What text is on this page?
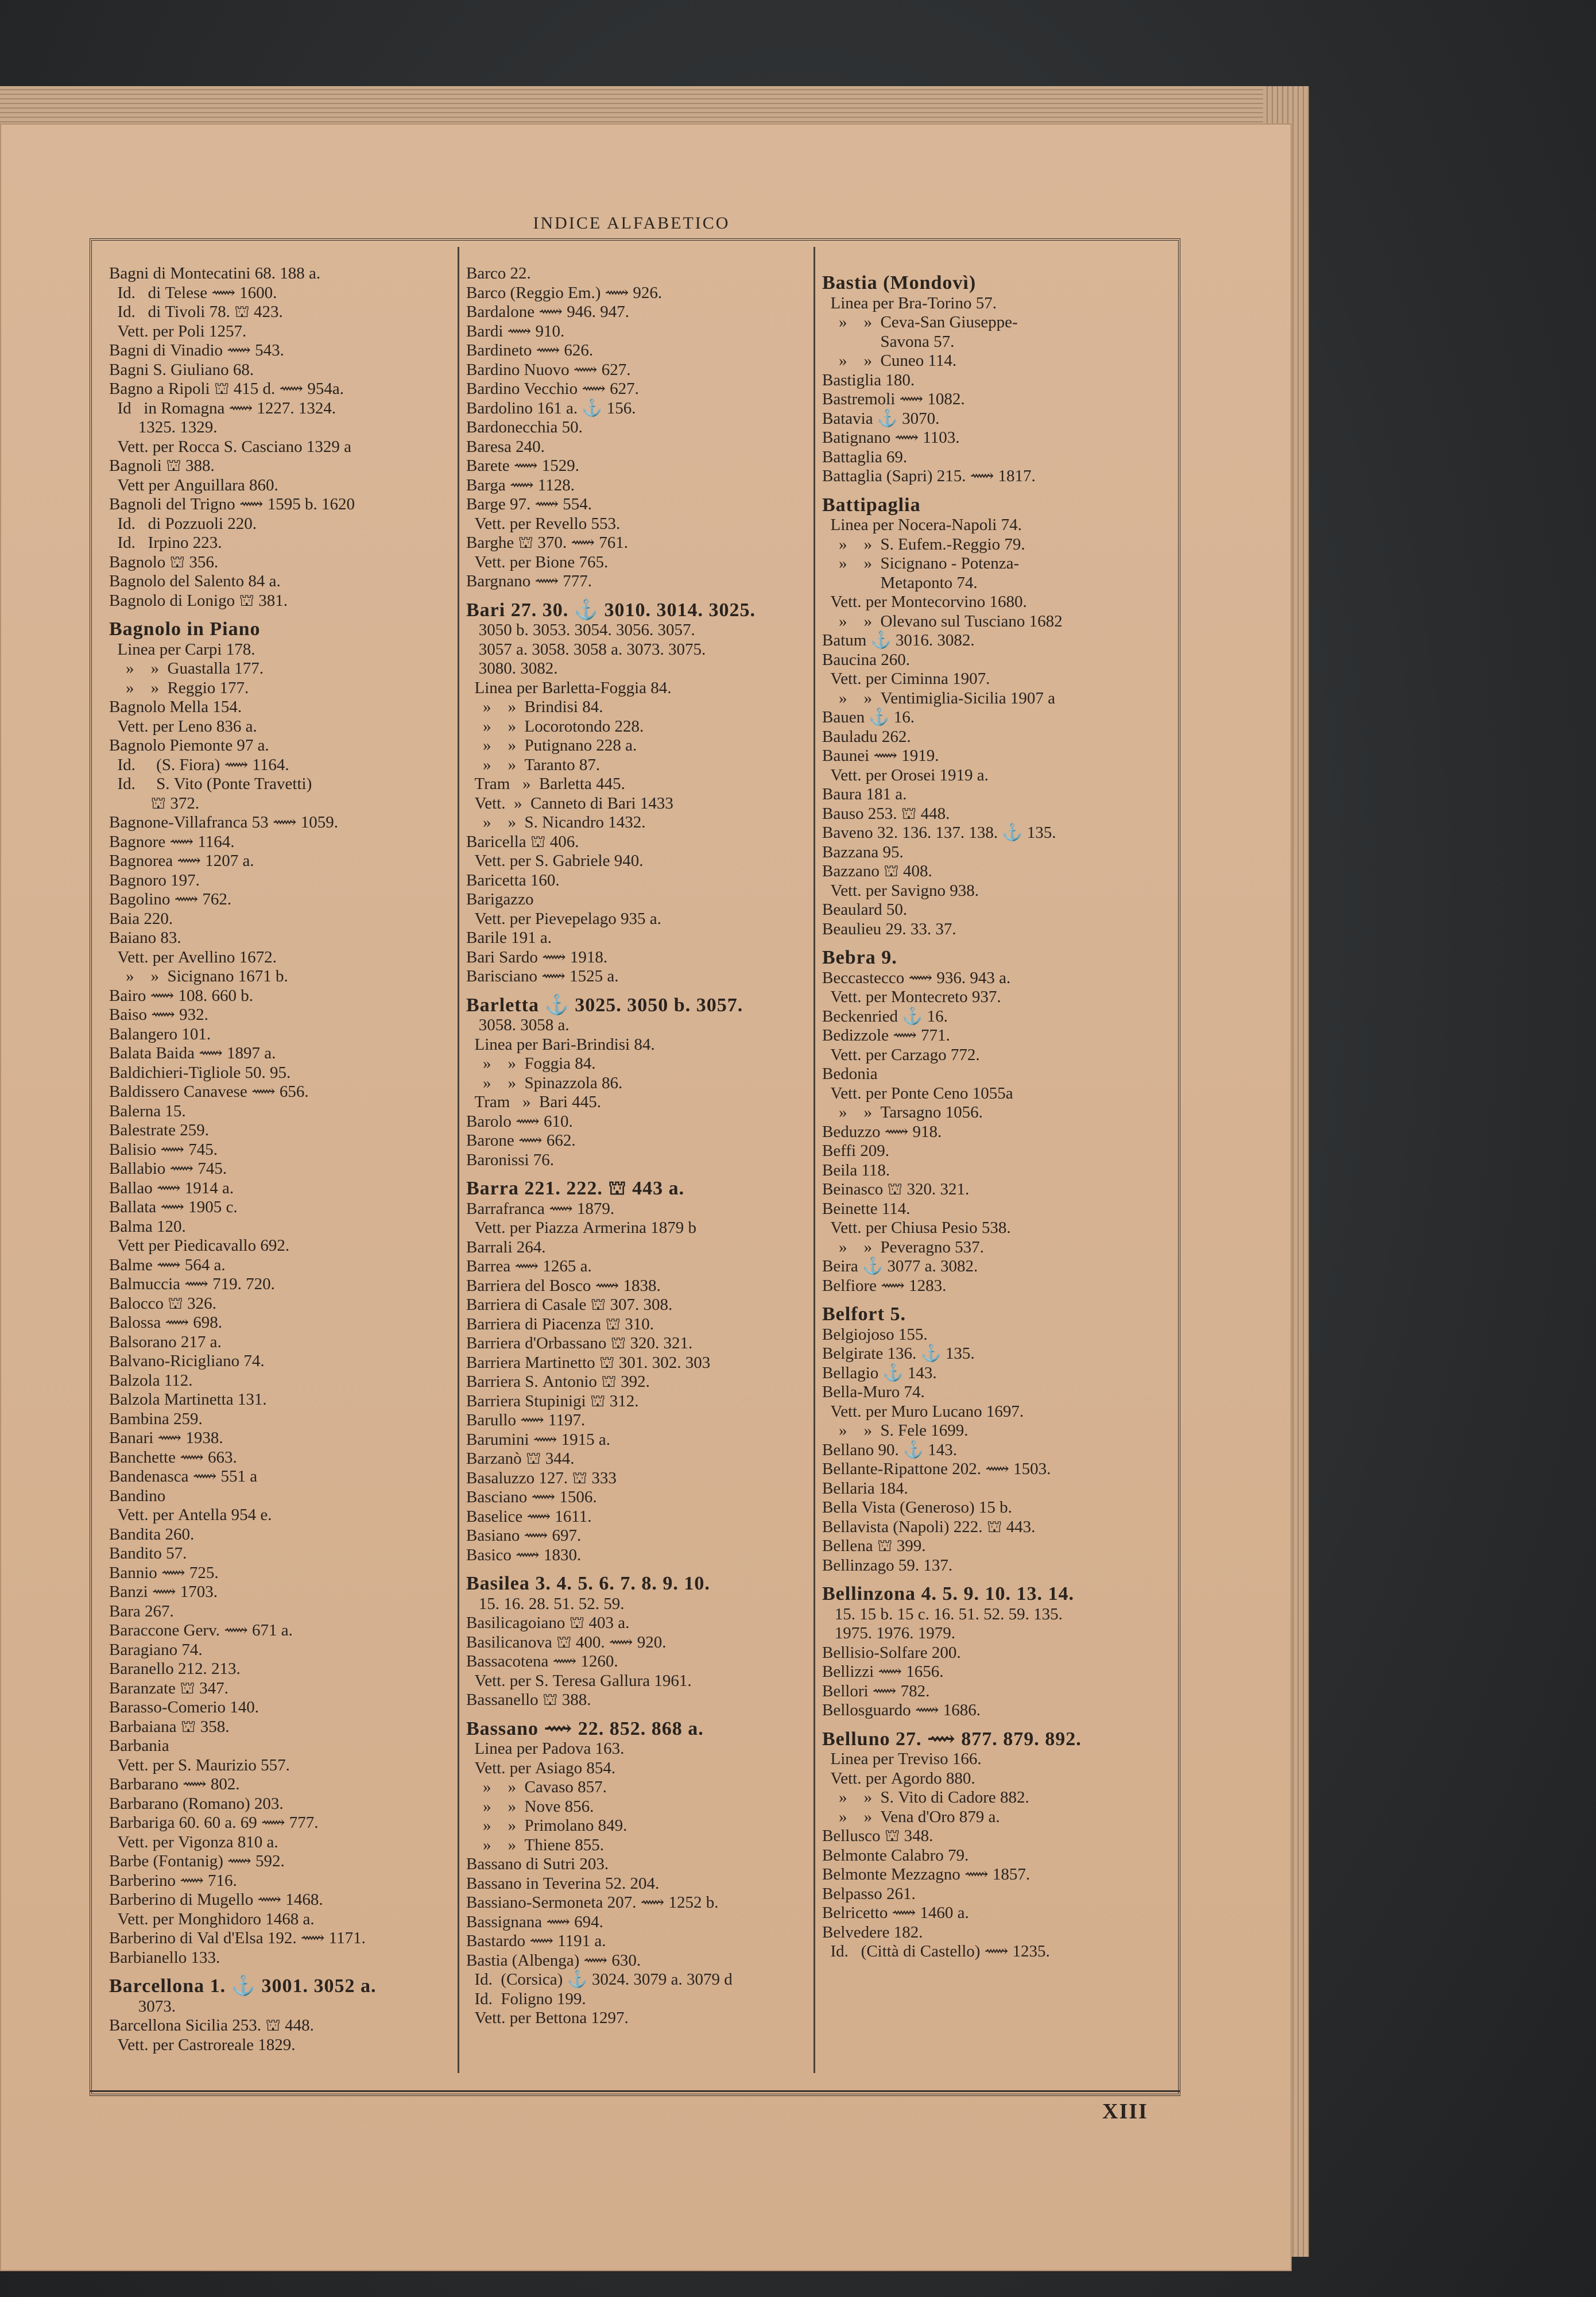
INDICE ALFABETICO
Bagni di Montecatini 68. 188 a.
Id.   di Telese ⟿ 1600.
Id.   di Tivoli 78. ⛫ 423.
Vett. per Poli 1257.
Bagni di Vinadio ⟿ 543.
Bagni S. Giuliano 68.
Bagno a Ripoli ⛫ 415 d. ⟿ 954a.
Id   in Romagna ⟿ 1227. 1324.
1325. 1329.
Vett. per Rocca S. Casciano 1329 a
Bagnoli ⛫ 388.
Vett per Anguillara 860.
Bagnoli del Trigno ⟿ 1595 b. 1620
Id.   di Pozzuoli 220.
Id.   Irpino 223.
Bagnolo ⛫ 356.
Bagnolo del Salento 84 a.
Bagnolo di Lonigo ⛫ 381.
Bagnolo in Piano
Linea per Carpi 178.
»    »  Guastalla 177.
»    »  Reggio 177.
Bagnolo Mella 154.
Vett. per Leno 836 a.
Bagnolo Piemonte 97 a.
Id.     (S. Fiora) ⟿ 1164.
Id.     S. Vito (Ponte Travetti)
⛫ 372.
Bagnone-Villafranca 53 ⟿ 1059.
Bagnore ⟿ 1164.
Bagnorea ⟿ 1207 a.
Bagnoro 197.
Bagolino ⟿ 762.
Baia 220.
Baiano 83.
Vett. per Avellino 1672.
»    »  Sicignano 1671 b.
Bairo ⟿ 108. 660 b.
Baiso ⟿ 932.
Balangero 101.
Balata Baida ⟿ 1897 a.
Baldichieri-Tigliole 50. 95.
Baldissero Canavese ⟿ 656.
Balerna 15.
Balestrate 259.
Balisio ⟿ 745.
Ballabio ⟿ 745.
Ballao ⟿ 1914 a.
Ballata ⟿ 1905 c.
Balma 120.
Vett per Piedicavallo 692.
Balme ⟿ 564 a.
Balmuccia ⟿ 719. 720.
Balocco ⛫ 326.
Balossa ⟿ 698.
Balsorano 217 a.
Balvano-Ricigliano 74.
Balzola 112.
Balzola Martinetta 131.
Bambina 259.
Banari ⟿ 1938.
Banchette ⟿ 663.
Bandenasca ⟿ 551 a
Bandino
Vett. per Antella 954 e.
Bandita 260.
Bandito 57.
Bannio ⟿ 725.
Banzi ⟿ 1703.
Bara 267.
Baraccone Gerv. ⟿ 671 a.
Baragiano 74.
Baranello 212. 213.
Baranzate ⛫ 347.
Barasso-Comerio 140.
Barbaiana ⛫ 358.
Barbania
Vett. per S. Maurizio 557.
Barbarano ⟿ 802.
Barbarano (Romano) 203.
Barbariga 60. 60 a. 69 ⟿ 777.
Vett. per Vigonza 810 a.
Barbe (Fontanig) ⟿ 592.
Barberino ⟿ 716.
Barberino di Mugello ⟿ 1468.
Vett. per Monghidoro 1468 a.
Barberino di Val d'Elsa 192. ⟿ 1171.
Barbianello 133.
Barcellona 1. ⚓ 3001. 3052 a.
3073.
Barcellona Sicilia 253. ⛫ 448.
Vett. per Castroreale 1829.
Barco 22.
Barco (Reggio Em.) ⟿ 926.
Bardalone ⟿ 946. 947.
Bardi ⟿ 910.
Bardineto ⟿ 626.
Bardino Nuovo ⟿ 627.
Bardino Vecchio ⟿ 627.
Bardolino 161 a. ⚓ 156.
Bardonecchia 50.
Baresa 240.
Barete ⟿ 1529.
Barga ⟿ 1128.
Barge 97. ⟿ 554.
Vett. per Revello 553.
Barghe ⛫ 370. ⟿ 761.
Vett. per Bione 765.
Bargnano ⟿ 777.
Bari 27. 30. ⚓ 3010. 3014. 3025.
3050 b. 3053. 3054. 3056. 3057.
3057 a. 3058. 3058 a. 3073. 3075.
3080. 3082.
Linea per Barletta-Foggia 84.
»    »  Brindisi 84.
»    »  Locorotondo 228.
»    »  Putignano 228 a.
»    »  Taranto 87.
Tram   »  Barletta 445.
Vett.  »  Canneto di Bari 1433
»    »  S. Nicandro 1432.
Baricella ⛫ 406.
Vett. per S. Gabriele 940.
Baricetta 160.
Barigazzo
Vett. per Pievepelago 935 a.
Barile 191 a.
Bari Sardo ⟿ 1918.
Barisciano ⟿ 1525 a.
Barletta ⚓ 3025. 3050 b. 3057.
3058. 3058 a.
Linea per Bari-Brindisi 84.
»    »  Foggia 84.
»    »  Spinazzola 86.
Tram   »  Bari 445.
Barolo ⟿ 610.
Barone ⟿ 662.
Baronissi 76.
Barra 221. 222. ⛫ 443 a.
Barrafranca ⟿ 1879.
Vett. per Piazza Armerina 1879 b
Barrali 264.
Barrea ⟿ 1265 a.
Barriera del Bosco ⟿ 1838.
Barriera di Casale ⛫ 307. 308.
Barriera di Piacenza ⛫ 310.
Barriera d'Orbassano ⛫ 320. 321.
Barriera Martinetto ⛫ 301. 302. 303
Barriera S. Antonio ⛫ 392.
Barriera Stupinigi ⛫ 312.
Barullo ⟿ 1197.
Barumini ⟿ 1915 a.
Barzanò ⛫ 344.
Basaluzzo 127. ⛫ 333
Basciano ⟿ 1506.
Baselice ⟿ 1611.
Basiano ⟿ 697.
Basico ⟿ 1830.
Basilea 3. 4. 5. 6. 7. 8. 9. 10.
15. 16. 28. 51. 52. 59.
Basilicagoiano ⛫ 403 a.
Basilicanova ⛫ 400. ⟿ 920.
Bassacotena ⟿ 1260.
Vett. per S. Teresa Gallura 1961.
Bassanello ⛫ 388.
Bassano ⟿ 22. 852. 868 a.
Linea per Padova 163.
Vett. per Asiago 854.
»    »  Cavaso 857.
»    »  Nove 856.
»    »  Primolano 849.
»    »  Thiene 855.
Bassano di Sutri 203.
Bassano in Teverina 52. 204.
Bassiano-Sermoneta 207. ⟿ 1252 b.
Bassignana ⟿ 694.
Bastardo ⟿ 1191 a.
Bastia (Albenga) ⟿ 630.
Id.  (Corsica) ⚓ 3024. 3079 a. 3079 d
Id.  Foligno 199.
Vett. per Bettona 1297.
Bastia (Mondovì)
Linea per Bra-Torino 57.
»    »  Ceva-San Giuseppe-
Savona 57.
»    »  Cuneo 114.
Bastiglia 180.
Bastremoli ⟿ 1082.
Batavia ⚓ 3070.
Batignano ⟿ 1103.
Battaglia 69.
Battaglia (Sapri) 215. ⟿ 1817.
Battipaglia
Linea per Nocera-Napoli 74.
»    »  S. Eufem.-Reggio 79.
»    »  Sicignano - Potenza-
Metaponto 74.
Vett. per Montecorvino 1680.
»    »  Olevano sul Tusciano 1682
Batum ⚓ 3016. 3082.
Baucina 260.
Vett. per Ciminna 1907.
»    »  Ventimiglia-Sicilia 1907 a
Bauen ⚓ 16.
Bauladu 262.
Baunei ⟿ 1919.
Vett. per Orosei 1919 a.
Baura 181 a.
Bauso 253. ⛫ 448.
Baveno 32. 136. 137. 138. ⚓ 135.
Bazzana 95.
Bazzano ⛫ 408.
Vett. per Savigno 938.
Beaulard 50.
Beaulieu 29. 33. 37.
Bebra 9.
Beccastecco ⟿ 936. 943 a.
Vett. per Montecreto 937.
Beckenried ⚓ 16.
Bedizzole ⟿ 771.
Vett. per Carzago 772.
Bedonia
Vett. per Ponte Ceno 1055a
»    »  Tarsagno 1056.
Beduzzo ⟿ 918.
Beffi 209.
Beila 118.
Beinasco ⛫ 320. 321.
Beinette 114.
Vett. per Chiusa Pesio 538.
»    »  Peveragno 537.
Beira ⚓ 3077 a. 3082.
Belfiore ⟿ 1283.
Belfort 5.
Belgiojoso 155.
Belgirate 136. ⚓ 135.
Bellagio ⚓ 143.
Bella-Muro 74.
Vett. per Muro Lucano 1697.
»    »  S. Fele 1699.
Bellano 90. ⚓ 143.
Bellante-Ripattone 202. ⟿ 1503.
Bellaria 184.
Bella Vista (Generoso) 15 b.
Bellavista (Napoli) 222. ⛫ 443.
Bellena ⛫ 399.
Bellinzago 59. 137.
Bellinzona 4. 5. 9. 10. 13. 14.
15. 15 b. 15 c. 16. 51. 52. 59. 135.
1975. 1976. 1979.
Bellisio-Solfare 200.
Bellizzi ⟿ 1656.
Bellori ⟿ 782.
Bellosguardo ⟿ 1686.
Belluno 27. ⟿ 877. 879. 892.
Linea per Treviso 166.
Vett. per Agordo 880.
»    »  S. Vito di Cadore 882.
»    »  Vena d'Oro 879 a.
Bellusco ⛫ 348.
Belmonte Calabro 79.
Belmonte Mezzagno ⟿ 1857.
Belpasso 261.
Belricetto ⟿ 1460 a.
Belvedere 182.
Id.   (Città di Castello) ⟿ 1235.
XIII
